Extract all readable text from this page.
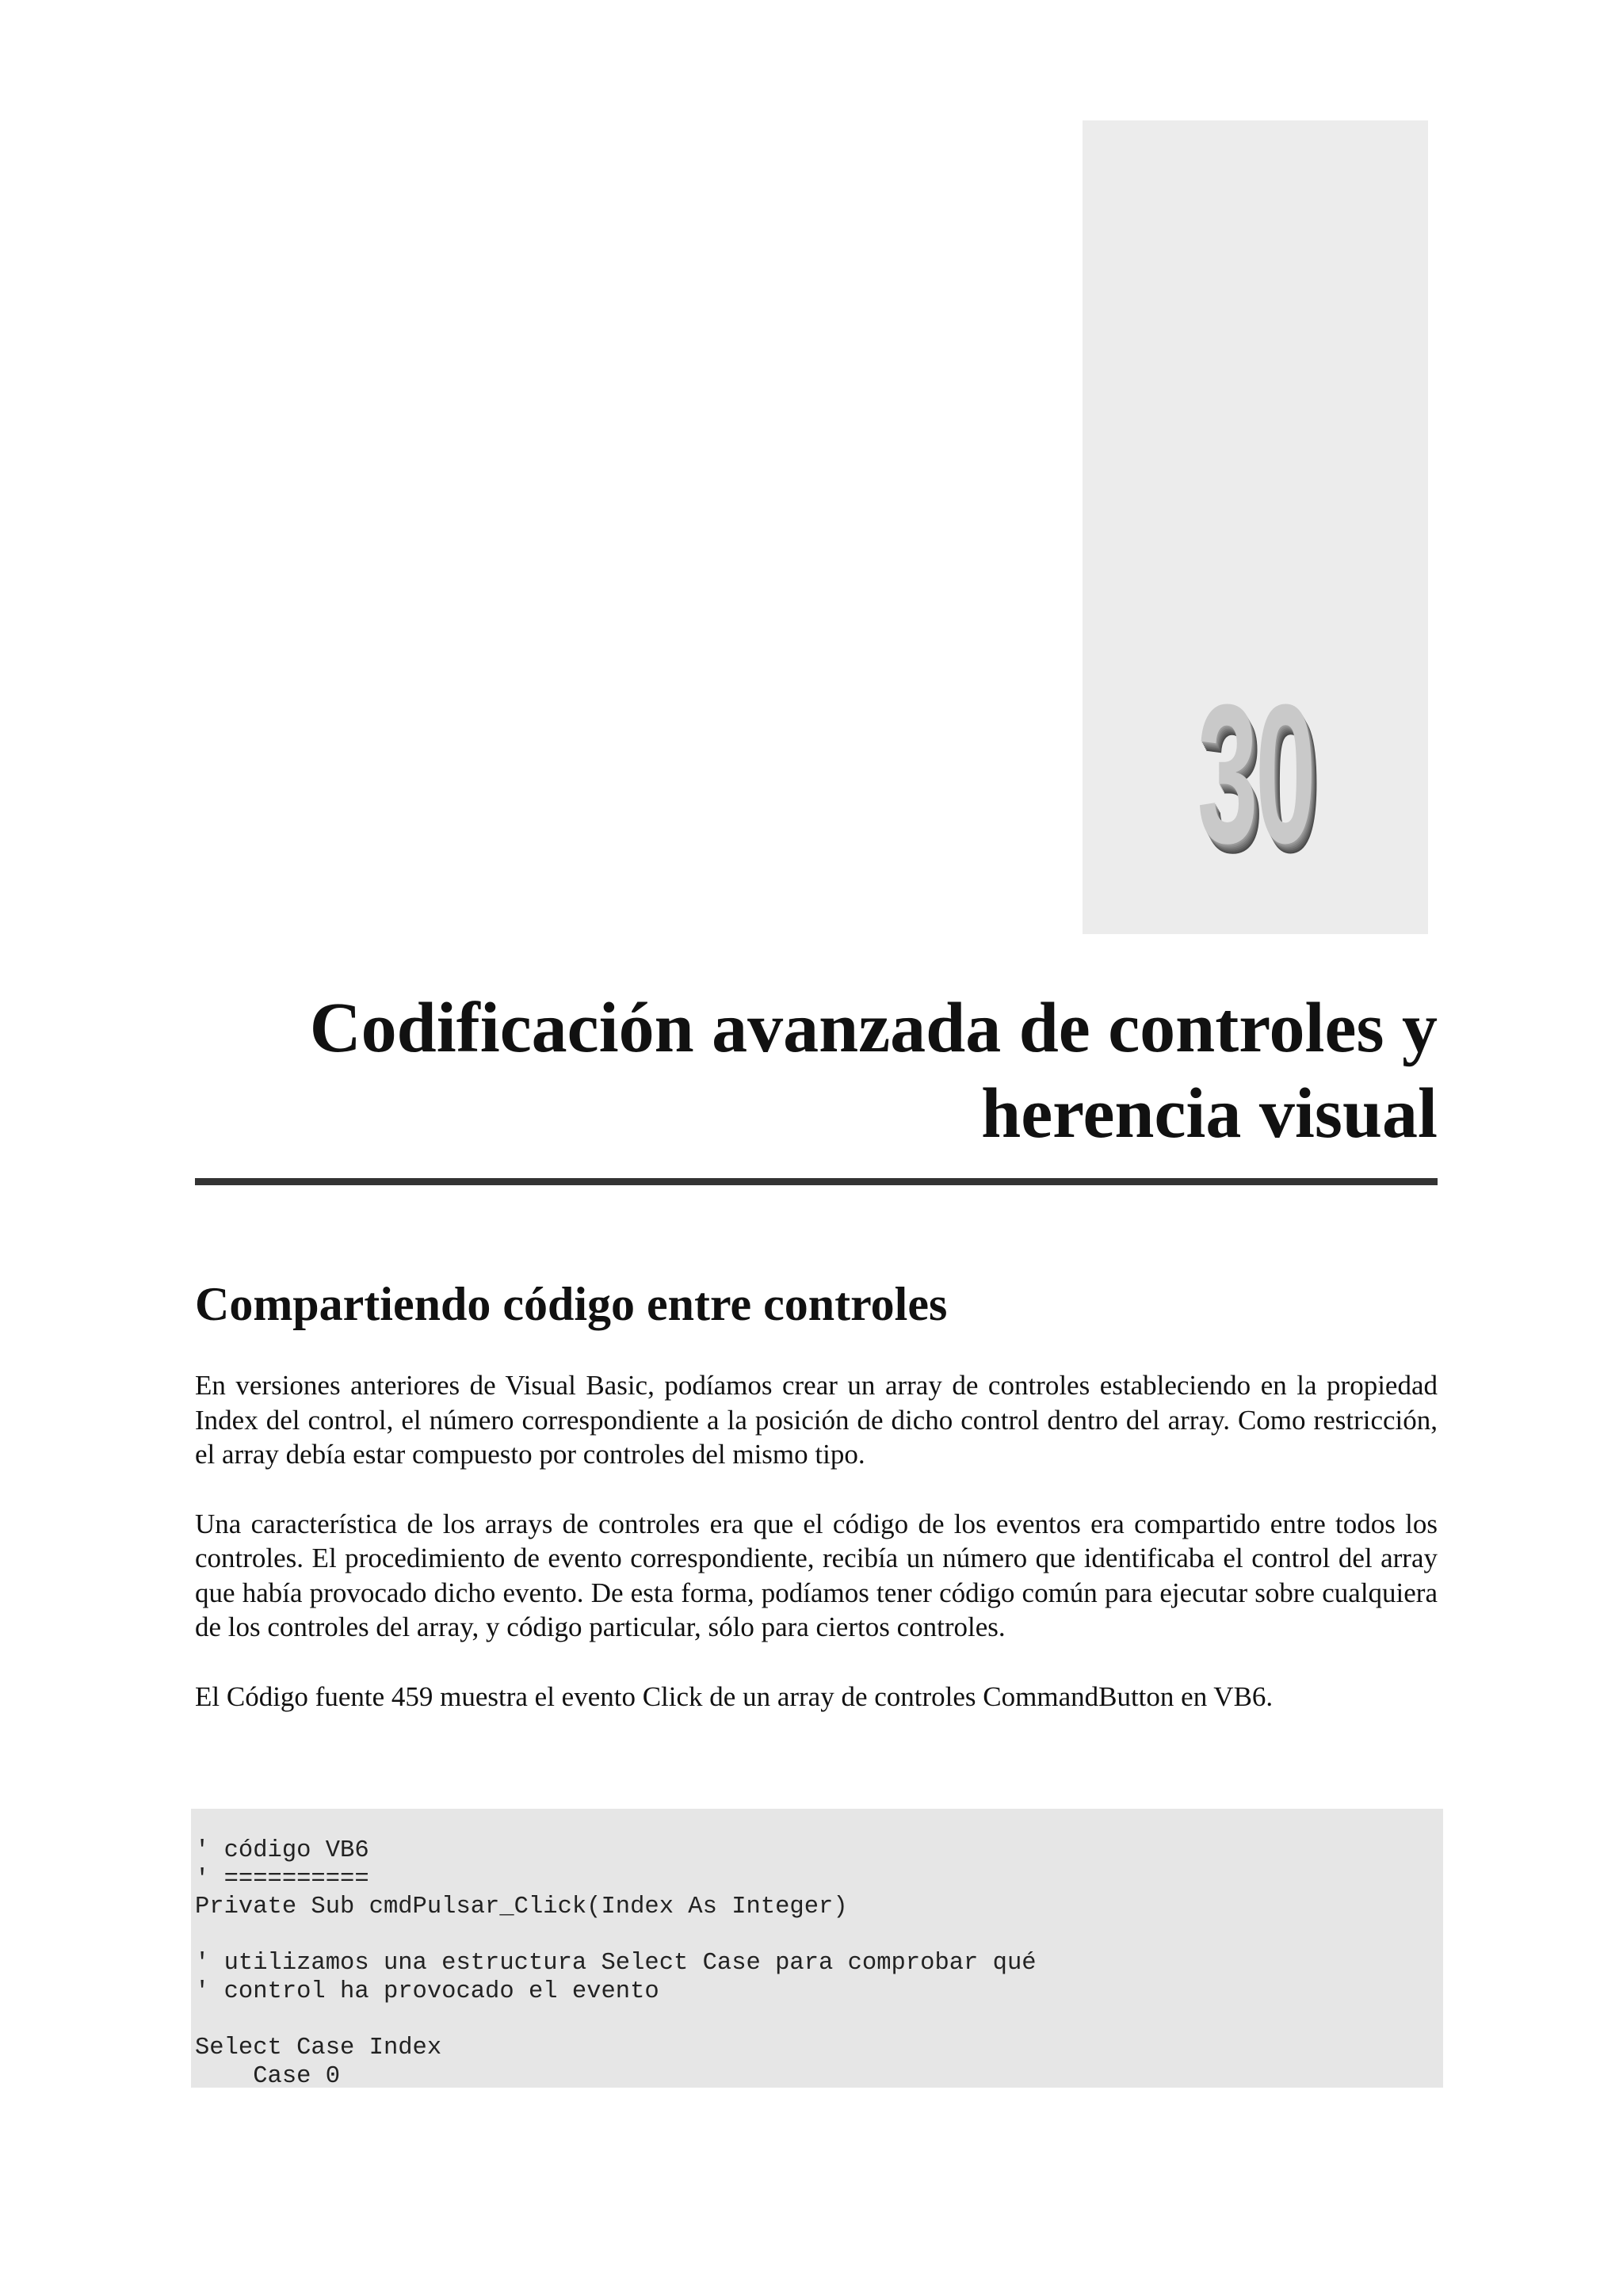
30
Codificación avanzada de controles y
herencia visual
Compartiendo código entre controles

En versiones anteriores de Visual Basic, podíamos crear un array de controles estableciendo en la propiedad Index del control, el número correspondiente a la posición de dicho control dentro del array. Como restricción, el array debía estar compuesto por controles del mismo tipo.

Una característica de los arrays de controles era que el código de los eventos era compartido entre todos los controles. El procedimiento de evento correspondiente, recibía un número que identificaba el control del array que había provocado dicho evento. De esta forma, podíamos tener código común para ejecutar sobre cualquiera de los controles del array, y código particular, sólo para ciertos controles.

El Código fuente 459 muestra el evento Click de un array de controles CommandButton en VB6.

' código VB6
' ==========
Private Sub cmdPulsar_Click(Index As Integer)

' utilizamos una estructura Select Case para comprobar qué
' control ha provocado el evento

Select Case Index
Case 0
